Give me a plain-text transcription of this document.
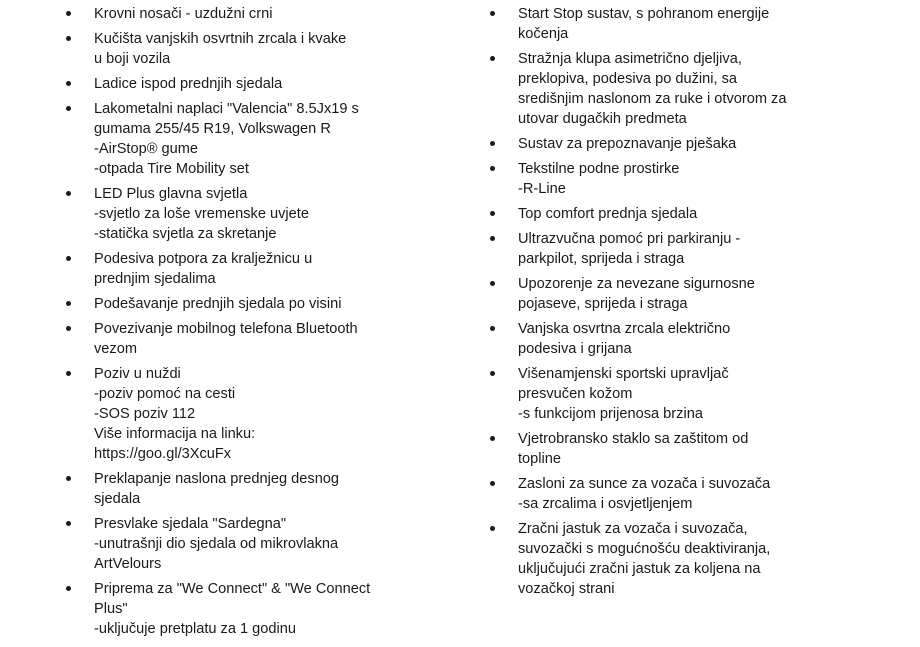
Krovni nosači - uzdužni crni
Kučišta vanjskih osvrtnih zrcala i kvake
u boji vozila
Ladice ispod prednjih sjedala
Lakometalni naplaci "Valencia" 8.5Jx19 s
gumama 255/45 R19, Volkswagen R
-AirStop® gume
-otpada Tire Mobility set
LED Plus glavna svjetla
-svjetlo za loše vremenske uvjete
-statička svjetla za skretanje
Podesiva potpora za kralježnicu u
prednjim sjedalima
Podešavanje prednjih sjedala po visini
Povezivanje mobilnog telefona Bluetooth
vezom
Poziv u nuždi
-poziv pomoć na cesti
-SOS poziv 112
Više informacija na linku:
https://goo.gl/3XcuFx
Preklapanje naslona prednjeg desnog
sjedala
Presvlake sjedala "Sardegna"
-unutrašnji dio sjedala od mikrovlakna
ArtVelours
Priprema za "We Connect" & "We Connect
Plus"
-uključuje pretplatu za 1 godinu
Start Stop sustav, s pohranom energije
kočenja
Stražnja klupa asimetrično djeljiva,
preklopiva, podesiva po dužini, sa
središnjim naslonom za ruke i otvorom za
utovar dugačkih predmeta
Sustav za prepoznavanje pješaka
Tekstilne podne prostirke
-R-Line
Top comfort prednja sjedala
Ultrazvučna pomoć pri parkiranju -
parkpilot, sprijeda i straga
Upozorenje za nevezane sigurnosne
pojaseve, sprijeda i straga
Vanjska osvrtna zrcala električno
podesiva i grijana
Višenamjenski sportski upravljač
presvučen kožom
-s funkcijom prijenosa brzina
Vjetrobransko staklo sa zaštitom od
topline
Zasloni za sunce za vozača i suvozača
-sa zrcalima i osvjetljenjem
Zračni jastuk za vozača i suvozača,
suvozački s mogućnošću deaktiviranja,
uključujući zračni jastuk za koljena na
vozačkoj strani
